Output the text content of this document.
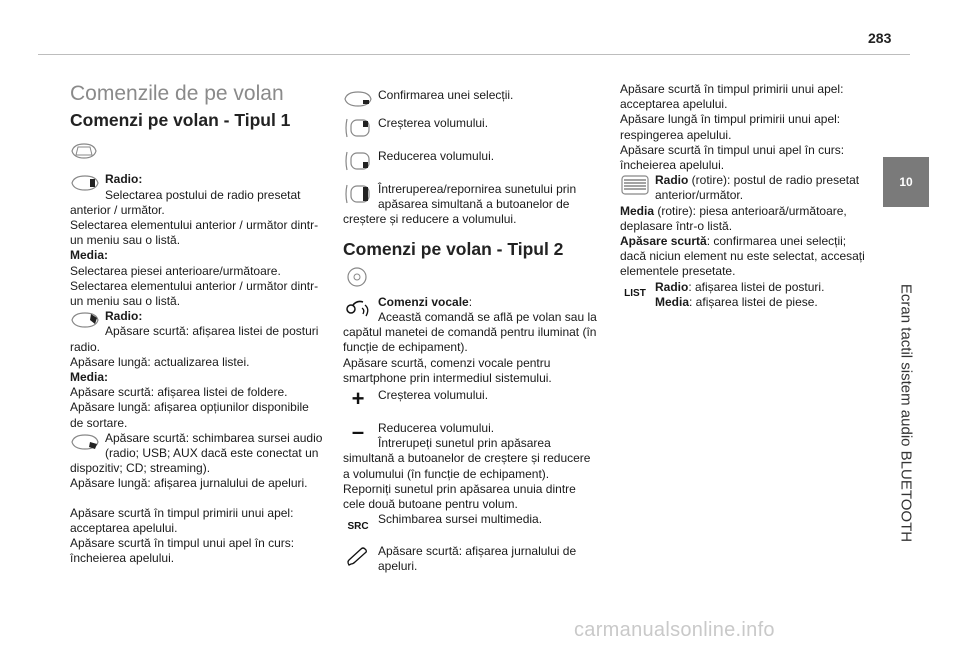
283
10
Ecran tactil sistem audio BLUETOOTH
Comenzile de pe volan
Comenzi pe volan - Tipul 1

Radio:
Selectarea postului de radio presetat anterior / următor.

Selectarea elementului anterior / următor dintr-un meniu sau o listă.

Media:

Selectarea piesei anterioare/următoare.

Selectarea elementului anterior / următor dintr-un meniu sau o listă.

Radio:
Apăsare scurtă: afișarea listei de posturi radio.

Apăsare lungă: actualizarea listei.

Media:

Apăsare scurtă: afișarea listei de foldere.

Apăsare lungă: afișarea opțiunilor disponibile de sortare.

Apăsare scurtă: schimbarea sursei audio (radio; USB; AUX dacă este conectat un dispozitiv; CD; streaming).

Apăsare lungă: afișarea jurnalului de apeluri.

Apăsare scurtă în timpul primirii unui apel: acceptarea apelului.

Apăsare scurtă în timpul unui apel în curs: încheierea apelului.

Confirmarea unei selecții.

Creșterea volumului.

Reducerea volumului.

Întreruperea/repornirea sunetului prin apăsarea simultană a butoanelor de creștere și reducere a volumului.

Comenzi pe volan - Tipul 2

Comenzi vocale:
Această comandă se află pe volan sau la capătul manetei de comandă pentru iluminat (în funcție de echipament).

Apăsare scurtă, comenzi vocale pentru smartphone prin intermediul sistemului.

+	Creșterea volumului.

–	Reducerea volumului.

Întrerupeți sunetul prin apăsarea simultană a butoanelor de creștere și reducere a volumului (în funcție de echipament).

Reporniți sunetul prin apăsarea unuia dintre cele două butoane pentru volum.

SRC Schimbarea sursei multimedia.

Apăsare scurtă: afișarea jurnalului de apeluri.

Apăsare scurtă în timpul primirii unui apel: acceptarea apelului.

Apăsare lungă în timpul primirii unui apel: respingerea apelului.

Apăsare scurtă în timpul unui apel în curs: încheierea apelului.

Radio (rotire): postul de radio presetat anterior/următor.

Media (rotire): piesa anterioară/următoare, deplasare într-o listă.

Apăsare scurtă: confirmarea unei selecții; dacă niciun element nu este selectat, accesați elementele presetate.

LIST Radio: afișarea listei de posturi.

Media: afișarea listei de piese.

carmanualsonline.info
